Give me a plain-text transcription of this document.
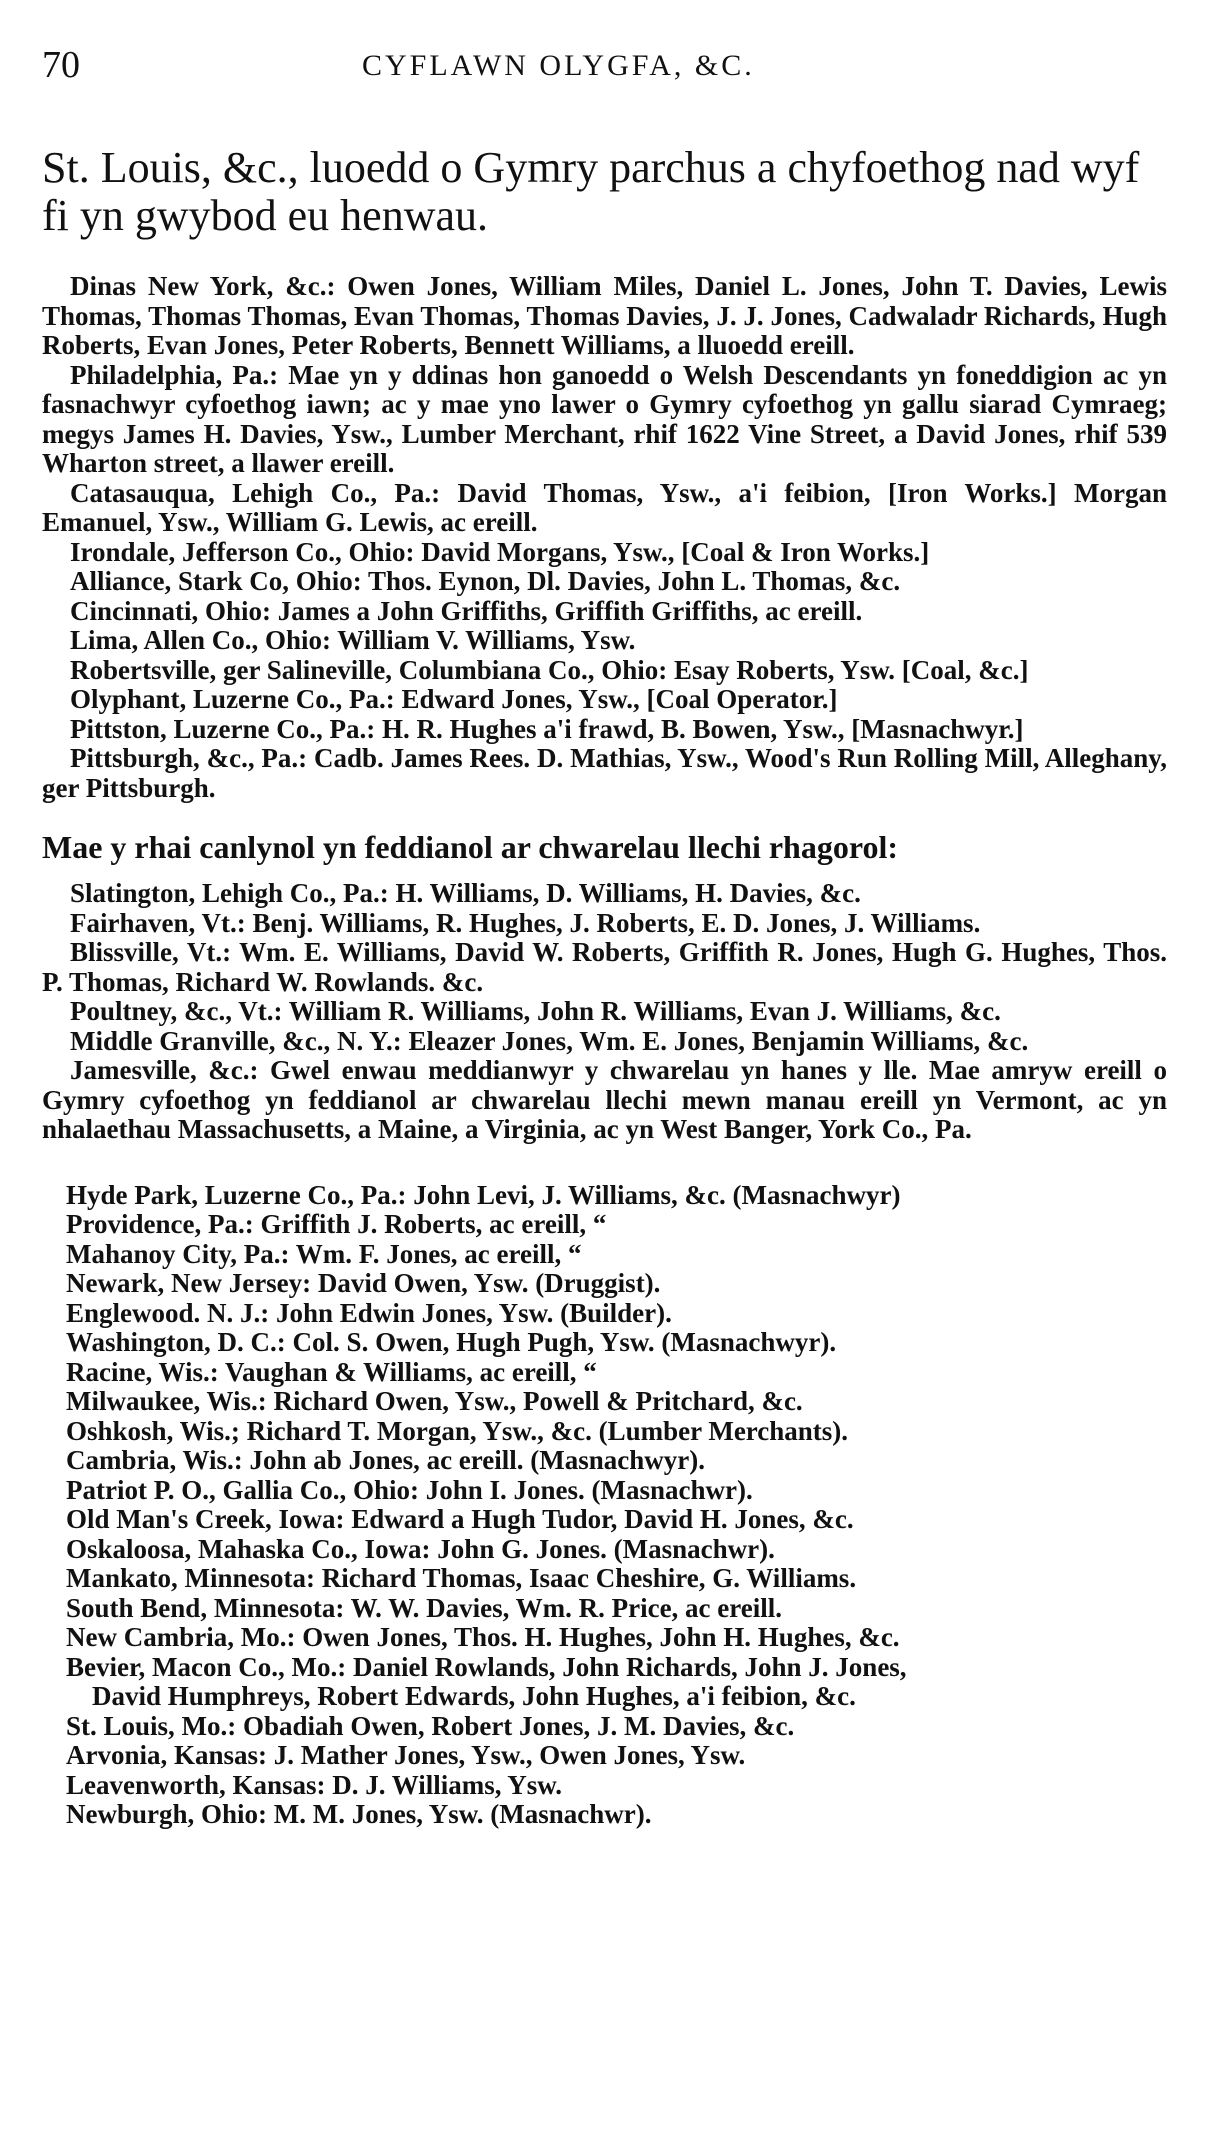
70	CYFLAWN OLYGFA, &C.
St. Louis, &c., luoedd o Gymry parchus a chyfoethog nad wyf fi yn gwybod eu henwau.
Dinas New York, &c.: Owen Jones, William Miles, Daniel L. Jones, John T. Davies, Lewis Thomas, Thomas Thomas, Evan Thomas, Thomas Davies, J. J. Jones, Cadwaladr Richards, Hugh Roberts, Evan Jones, Peter Roberts, Bennett Williams, a lluoedd ereill.
Philadelphia, Pa.: Mae yn y ddinas hon ganoedd o Welsh Descendants yn foneddigion ac yn fasnachwyr cyfoethog iawn; ac y mae yno lawer o Gymry cyfoethog yn gallu siarad Cymraeg; megys James H. Davies, Ysw., Lumber Merchant, rhif 1622 Vine Street, a David Jones, rhif 539 Wharton street, a llawer ereill.
Catasauqua, Lehigh Co., Pa.: David Thomas, Ysw., a'i feibion, [Iron Works.] Morgan Emanuel, Ysw., William G. Lewis, ac ereill.
Irondale, Jefferson Co., Ohio: David Morgans, Ysw., [Coal & Iron Works.]
Alliance, Stark Co, Ohio: Thos. Eynon, Dl. Davies, John L. Thomas, &c.
Cincinnati, Ohio: James a John Griffiths, Griffith Griffiths, ac ereill.
Lima, Allen Co., Ohio: William V. Williams, Ysw.
Robertsville, ger Salineville, Columbiana Co., Ohio: Esay Roberts, Ysw. [Coal, &c.]
Olyphant, Luzerne Co., Pa.: Edward Jones, Ysw., [Coal Operator.]
Pittston, Luzerne Co., Pa.: H. R. Hughes a'i frawd, B. Bowen, Ysw., [Masnachwyr.]
Pittsburgh, &c., Pa.: Cadb. James Rees. D. Mathias, Ysw., Wood's Run Rolling Mill, Alleghany, ger Pittsburgh.
Mae y rhai canlynol yn feddianol ar chwarelau llechi rhagorol:
Slatington, Lehigh Co., Pa.: H. Williams, D. Williams, H. Davies, &c.
Fairhaven, Vt.: Benj. Williams, R. Hughes, J. Roberts, E. D. Jones, J. Williams.
Blissville, Vt.: Wm. E. Williams, David W. Roberts, Griffith R. Jones, Hugh G. Hughes, Thos. P. Thomas, Richard W. Rowlands. &c.
Poultney, &c., Vt.: William R. Williams, John R. Williams, Evan J. Williams, &c.
Middle Granville, &c., N. Y.: Eleazer Jones, Wm. E. Jones, Benjamin Williams, &c.
Jamesville, &c.: Gwel enwau meddianwyr y chwarelau yn hanes y lle. Mae amryw ereill o Gymry cyfoethog yn feddianol ar chwarelau llechi mewn manau ereill yn Vermont, ac yn nhalaethau Massachusetts, a Maine, a Virginia, ac yn West Banger, York Co., Pa.
Hyde Park, Luzerne Co., Pa.: John Levi, J. Williams, &c. (Masnachwyr)
Providence, Pa.: Griffith J. Roberts, ac ereill, “
Mahanoy City, Pa.: Wm. F. Jones, ac ereill, “
Newark, New Jersey: David Owen, Ysw. (Druggist).
Englewood. N. J.: John Edwin Jones, Ysw. (Builder).
Washington, D. C.: Col. S. Owen, Hugh Pugh, Ysw. (Masnachwyr).
Racine, Wis.: Vaughan & Williams, ac ereill, “
Milwaukee, Wis.: Richard Owen, Ysw., Powell & Pritchard, &c.
Oshkosh, Wis.; Richard T. Morgan, Ysw., &c. (Lumber Merchants).
Cambria, Wis.: John ab Jones, ac ereill. (Masnachwyr).
Patriot P. O., Gallia Co., Ohio: John I. Jones. (Masnachwr).
Old Man's Creek, Iowa: Edward a Hugh Tudor, David H. Jones, &c.
Oskaloosa, Mahaska Co., Iowa: John G. Jones. (Masnachwr).
Mankato, Minnesota: Richard Thomas, Isaac Cheshire, G. Williams.
South Bend, Minnesota: W. W. Davies, Wm. R. Price, ac ereill.
New Cambria, Mo.: Owen Jones, Thos. H. Hughes, John H. Hughes, &c.
Bevier, Macon Co., Mo.: Daniel Rowlands, John Richards, John J. Jones,
David Humphreys, Robert Edwards, John Hughes, a'i feibion, &c.
St. Louis, Mo.: Obadiah Owen, Robert Jones, J. M. Davies, &c.
Arvonia, Kansas: J. Mather Jones, Ysw., Owen Jones, Ysw.
Leavenworth, Kansas: D. J. Williams, Ysw.
Newburgh, Ohio: M. M. Jones, Ysw. (Masnachwr).
